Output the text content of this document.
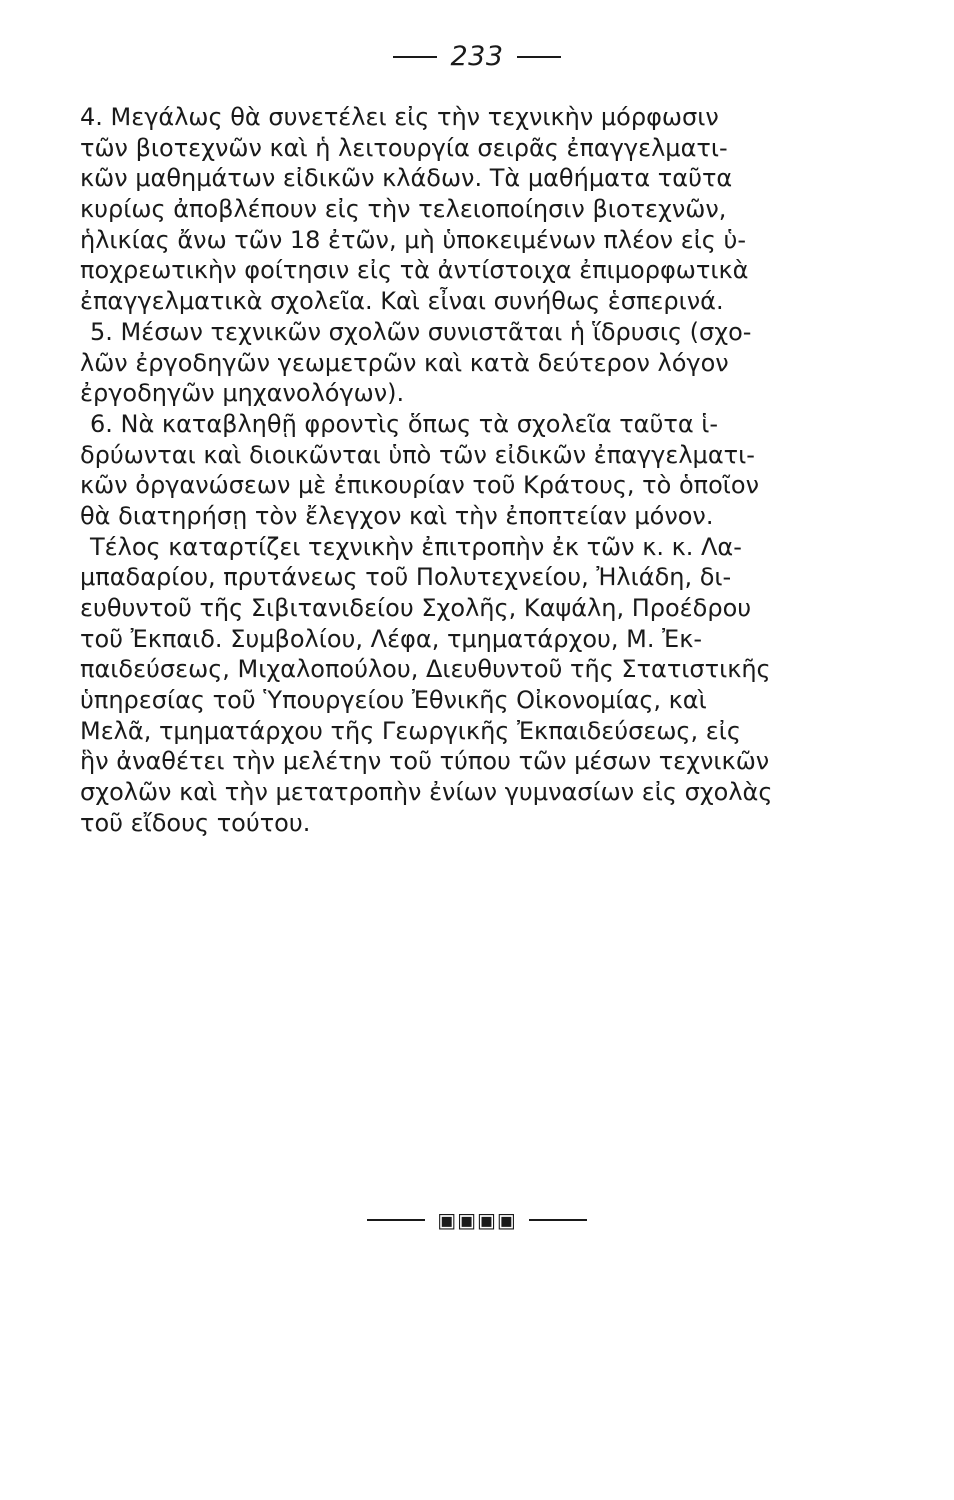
233
4. Μεγάλως θὰ συνετέλει εἰς τὴν τεχνικὴν μόρφωσιν
τῶν βιοτεχνῶν καὶ ἡ λειτουργία σειρᾶς ἐπαγγελματι-
κῶν μαθημάτων εἰδικῶν κλάδων. Τὰ μαθήματα ταῦτα
κυρίως ἀποβλέπουν εἰς τὴν τελειοποίησιν βιοτεχνῶν,
ἡλικίας ἄνω τῶν 18 ἐτῶν, μὴ ὑποκειμένων πλέον εἰς ὑ-
ποχρεωτικὴν φοίτησιν εἰς τὰ ἀντίστοιχα ἐπιμορφωτικὰ
ἐπαγγελματικὰ σχολεῖα. Καὶ εἶναι συνήθως ἑσπερινά.
5. Μέσων τεχνικῶν σχολῶν συνιστᾶται ἡ ἵδρυσις (σχο-
λῶν ἐργοδηγῶν γεωμετρῶν καὶ κατὰ δεύτερον λόγον
ἐργοδηγῶν μηχανολόγων).
6. Νὰ καταβληθῇ φροντὶς ὅπως τὰ σχολεῖα ταῦτα ἱ-
δρύωνται καὶ διοικῶνται ὑπὸ τῶν εἰδικῶν ἐπαγγελματι-
κῶν ὀργανώσεων μὲ ἐπικουρίαν τοῦ Κράτους, τὸ ὁποῖον
θὰ διατηρήσῃ τὸν ἔλεγχον καὶ τὴν ἐποπτείαν μόνον.
Τέλος καταρτίζει τεχνικὴν ἐπιτροπὴν ἐκ τῶν κ. κ. Λα-
μπαδαρίου, πρυτάνεως τοῦ Πολυτεχνείου, Ἠλιάδη, δι-
ευθυντοῦ τῆς Σιβιτανιδείου Σχολῆς, Καψάλη, Προέδρου
τοῦ Ἐκπαιδ. Συμβολίου, Λέφα, τμηματάρχου, Μ. Ἐκ-
παιδεύσεως, Μιχαλοπούλου, Διευθυντοῦ τῆς Στατιστικῆς
ὑπηρεσίας τοῦ Ὑπουργείου Ἐθνικῆς Οἰκονομίας, καὶ
Μελᾶ, τμηματάρχου τῆς Γεωργικῆς Ἐκπαιδεύσεως, εἰς
ἣν ἀναθέτει τὴν μελέτην τοῦ τύπου τῶν μέσων τεχνικῶν
σχολῶν καὶ τὴν μετατροπὴν ἐνίων γυμνασίων εἰς σχολὰς
τοῦ εἴδους τούτου.
▣▣▣▣
